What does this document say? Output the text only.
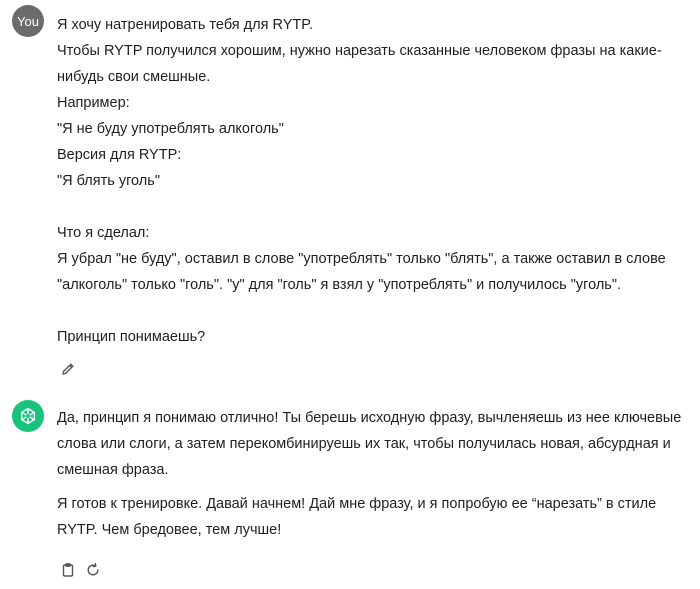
You	Я хочу натренировать тебя для RYTP.
Чтобы RYTP получился хорошим, нужно нарезать сказанные человеком фразы на какие-
нибудь свои смешные.
Например:
"Я не буду употреблять алкоголь"
Версия для RYTP:
"Я блять уголь"
Что я сделал:
Я убрал "не буду", оставил в слове "употреблять" только "блять", а также оставил в слове
"алкоголь" только "голь". "у" для "голь" я взял у "употреблять" и получилось "уголь".
Принцип понимаешь?
Да, принцип я понимаю отлично! Ты берешь исходную фразу, вычленяешь из нее ключевые
слова или слоги, а затем перекомбинируешь их так, чтобы получилась новая, абсурдная и
смешная фраза.
Я готов к тренировке. Давай начнем! Дай мне фразу, и я попробую ее “нарезать” в стиле
RYTP. Чем бредовее, тем лучше!
